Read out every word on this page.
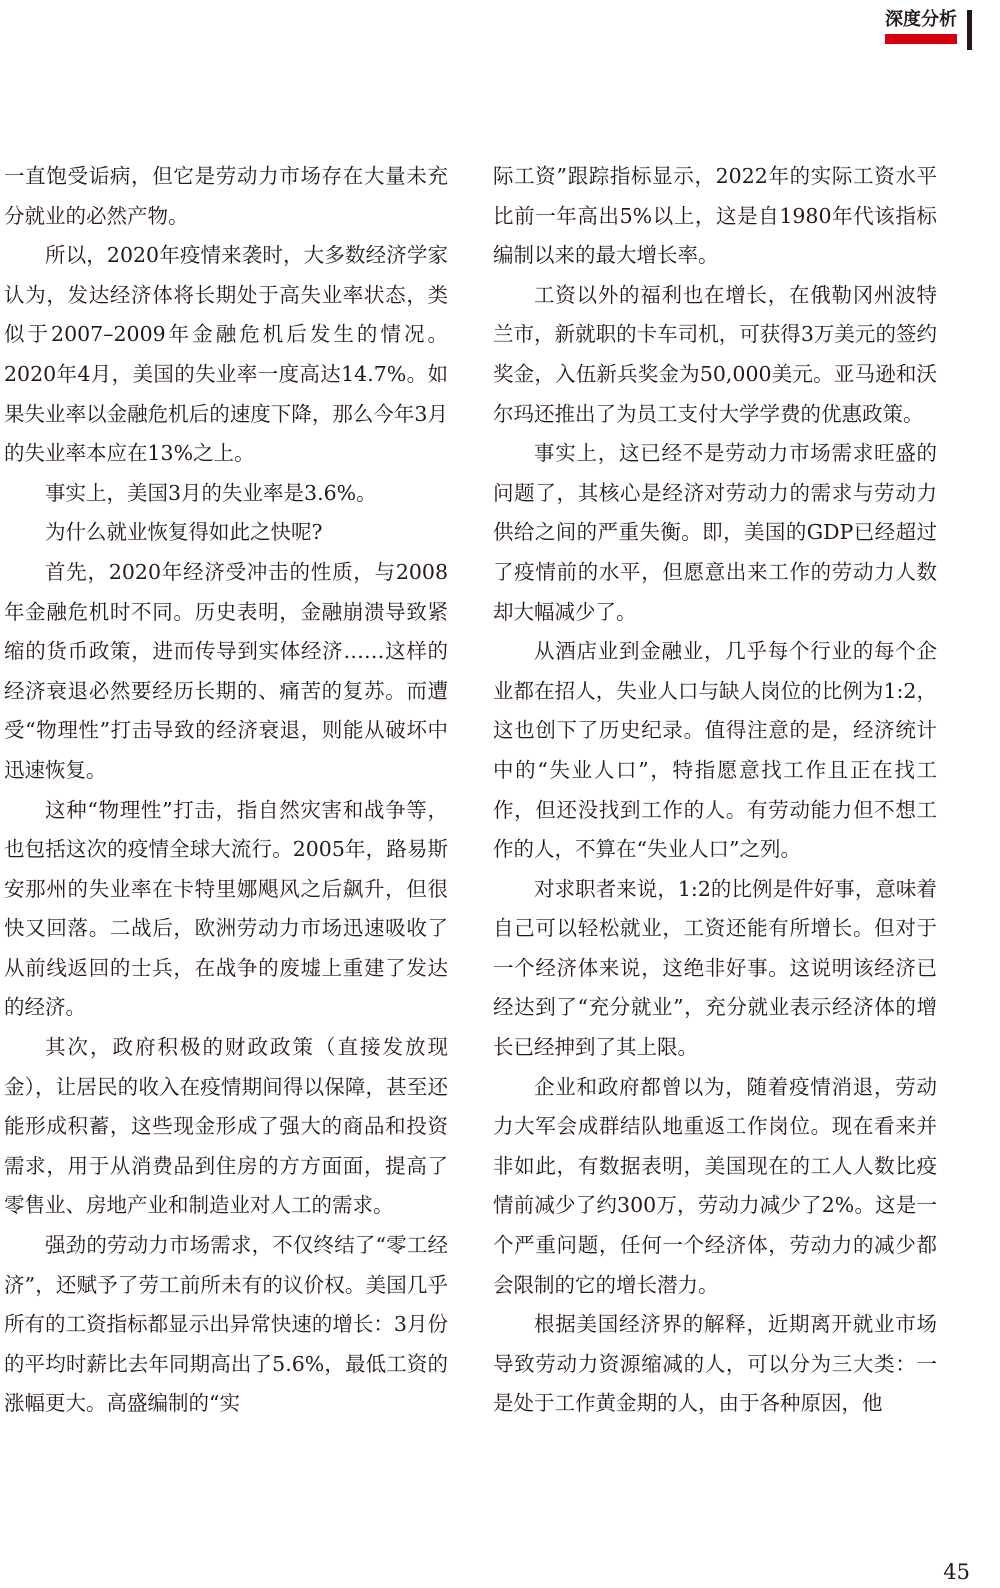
深度分析

一直饱受诟病，但它是劳动力市场存在大量未充分就业的必然产物。

所以，2020年疫情来袭时，大多数经济学家认为，发达经济体将长期处于高失业率状态，类似于2007–2009年金融危机后发生的情况。2020年4月，美国的失业率一度高达14.7%。如果失业率以金融危机后的速度下降，那么今年3月的失业率本应在13%之上。

事实上，美国3月的失业率是3.6%。

为什么就业恢复得如此之快呢?

首先，2020年经济受冲击的性质，与2008年金融危机时不同。历史表明，金融崩溃导致紧缩的货币政策，进而传导到实体经济……这样的经济衰退必然要经历长期的、痛苦的复苏。而遭受“物理性”打击导致的经济衰退，则能从破坏中迅速恢复。

这种“物理性”打击，指自然灾害和战争等，也包括这次的疫情全球大流行。2005年，路易斯安那州的失业率在卡特里娜飓风之后飙升，但很快又回落。二战后，欧洲劳动力市场迅速吸收了从前线返回的士兵，在战争的废墟上重建了发达的经济。

其次，政府积极的财政政策（直接发放现金），让居民的收入在疫情期间得以保障，甚至还能形成积蓄，这些现金形成了强大的商品和投资需求，用于从消费品到住房的方方面面，提高了零售业、房地产业和制造业对人工的需求。

强劲的劳动力市场需求，不仅终结了“零工经济”，还赋予了劳工前所未有的议价权。美国几乎所有的工资指标都显示出异常快速的增长：3月份的平均时薪比去年同期高出了5.6%，最低工资的涨幅更大。高盛编制的“实

际工资”跟踪指标显示，2022年的实际工资水平比前一年高出5%以上，这是自1980年代该指标编制以来的最大增长率。

工资以外的福利也在增长，在俄勒冈州波特兰市，新就职的卡车司机，可获得3万美元的签约奖金，入伍新兵奖金为50,000美元。亚马逊和沃尔玛还推出了为员工支付大学学费的优惠政策。

事实上，这已经不是劳动力市场需求旺盛的问题了，其核心是经济对劳动力的需求与劳动力供给之间的严重失衡。即，美国的GDP已经超过了疫情前的水平，但愿意出来工作的劳动力人数却大幅减少了。

从酒店业到金融业，几乎每个行业的每个企业都在招人，失业人口与缺人岗位的比例为1:2，这也创下了历史纪录。值得注意的是，经济统计中的“失业人口”，特指愿意找工作且正在找工作，但还没找到工作的人。有劳动能力但不想工作的人，不算在“失业人口”之列。

对求职者来说，1:2的比例是件好事，意味着自己可以轻松就业，工资还能有所增长。但对于一个经济体来说，这绝非好事。这说明该经济已经达到了“充分就业”，充分就业表示经济体的增长已经抻到了其上限。

企业和政府都曾以为，随着疫情消退，劳动力大军会成群结队地重返工作岗位。现在看来并非如此，有数据表明，美国现在的工人人数比疫情前减少了约300万，劳动力减少了2%。这是一个严重问题，任何一个经济体，劳动力的减少都会限制的它的增长潜力。

根据美国经济界的解释，近期离开就业市场导致劳动力资源缩减的人，可以分为三大类：一是处于工作黄金期的人，由于各种原因，他

45
